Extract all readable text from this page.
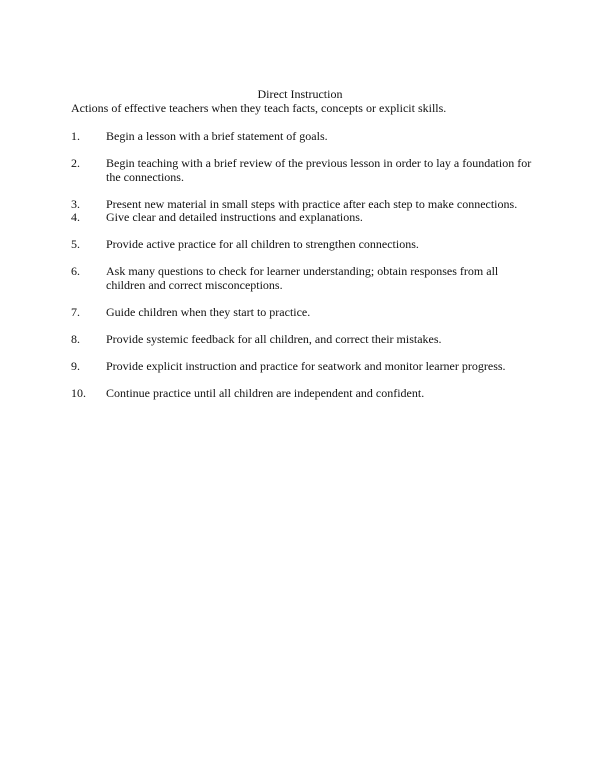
Direct Instruction
Actions of effective teachers when they teach facts, concepts or explicit skills.
1. Begin a lesson with a brief statement of goals.
2. Begin teaching with a brief review of the previous lesson in order to lay a foundation for the connections.
3. Present new material in small steps with practice after each step to make connections.
4. Give clear and detailed instructions and explanations.
5. Provide active practice for all children to strengthen connections.
6. Ask many questions to check for learner understanding; obtain responses from all children and correct misconceptions.
7. Guide children when they start to practice.
8. Provide systemic feedback for all children, and correct their mistakes.
9. Provide explicit instruction and practice for seatwork and monitor learner progress.
10. Continue practice until all children are independent and confident.
